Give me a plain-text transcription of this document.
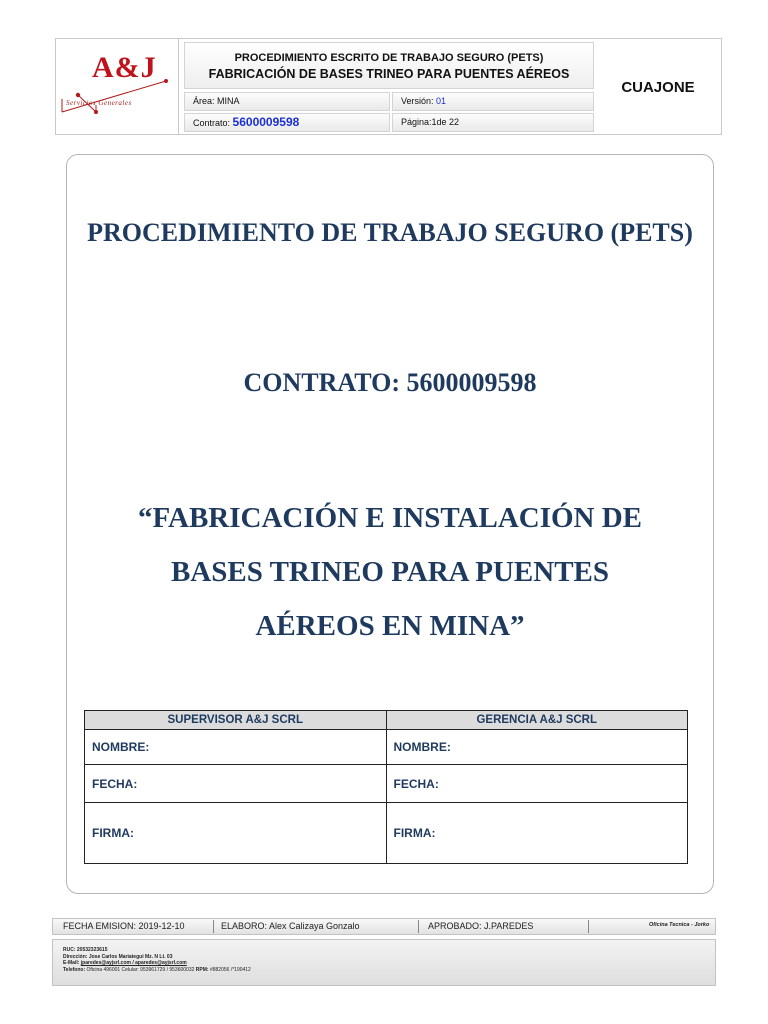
A&J
Servicios Generales
PROCEDIMIENTO ESCRITO DE TRABAJO SEGURO (PETS)
FABRICACIÓN DE BASES TRINEO PARA PUENTES AÉREOS
Área: MINA	Versión: 01
Contrato: 5600009598	Página:1de 22
CUAJONE
PROCEDIMIENTO DE TRABAJO SEGURO (PETS)
CONTRATO: 5600009598
“FABRICACIÓN E INSTALACIÓN DE BASES TRINEO PARA PUENTES AÉREOS EN MINA”
SUPERVISOR A&J SCRL	GERENCIA A&J SCRL
NOMBRE:	NOMBRE:
FECHA:	FECHA:
FIRMA:	FIRMA:
FECHA EMISION: 2019-12-10	ELABORO: Alex Calizaya Gonzalo	APROBADO: J.PAREDES	Oficina Tecnica - Jorko
RUC: 20532323615
Dirección: Jose Carlos Mariategui Mz. N Lt. 03
E-Mail: jparedes@ayjsrl.com / aparedes@ayjsrl.com
Telefono: Oficina 496001 Celular: 953961729 / 953600032 RPM: #882056 /*190412
